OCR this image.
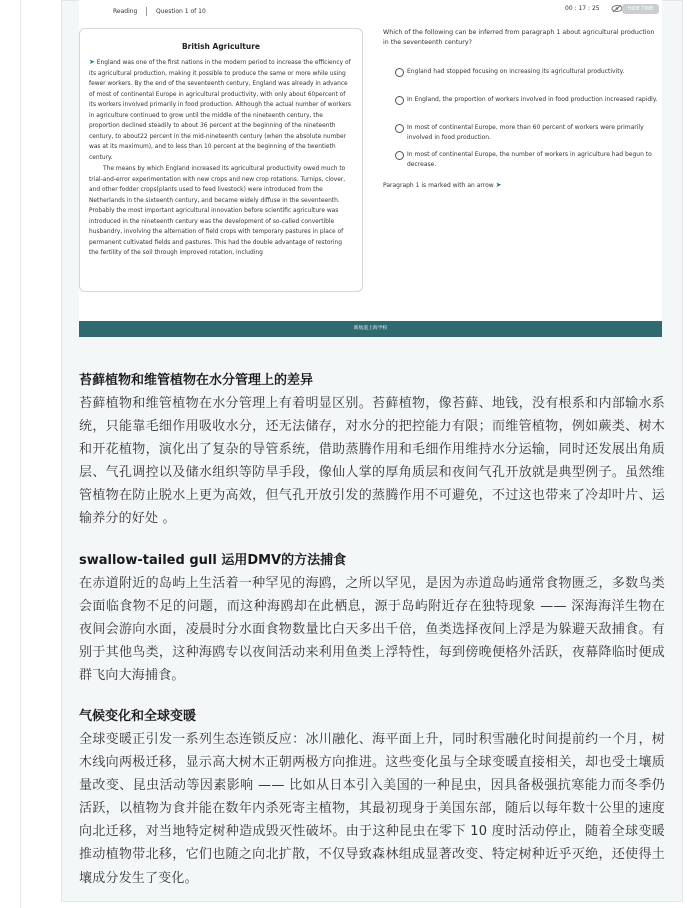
Reading	Question 1 of 10	00 : 17 : 25	HIDE TIME
British Agriculture

➤ England was one of the first nations in the modern period to increase the efficiency of its agricultural production, making it possible to produce the same or more while using fewer workers. By the end of the seventeenth century, England was already in advance of most of continental Europe in agricultural productivity, with only about 60percent of its workers involved primarily in food production. Although the actual number of workers in agriculture continued to grow until the middle of the nineteenth century, the proportion declined steadily to about 36 percent at the beginning of the nineteenth century, to about22 percent in the mid-nineteenth century (when the absolute number was at its maximum), and to less than 10 percent at the beginning of the twentieth century.

The means by which England increased its agricultural productivity owed much to trial-and-error experimentation with new crops and new crop rotations. Turnips, clover, and other fodder crops(plants used to feed livestock) were introduced from the Netherlands in the sixteenth century, and became widely diffuse in the seventeenth. Probably the most important agricultural innovation before scientific agriculture was introduced in the nineteenth century was the development of so-called convertible husbandry, involving the alternation of field crops with temporary pastures in place of permanent cultivated fields and pastures. This had the double advantage of restoring the fertility of the soil through improved rotation, including

Which of the following can be inferred from paragraph 1 about agricultural production in the seventeenth century?
England had stopped focusing on increasing its agricultural productivity.
In England, the proportion of workers involved in food production increased rapidly.
In most of continental Europe, more than 60 percent of workers were primarily involved in food production.
In most of continental Europe, the number of workers in agriculture had begun to decrease.
Paragraph 1 is marked with an arrow ➤
新航道上海学校
苔藓植物和维管植物在水分管理上的差异
苔藓植物和维管植物在水分管理上有着明显区别。苔藓植物，像苔藓、地钱，没有根系和内部输水系统，只能靠毛细作用吸收水分，还无法储存，对水分的把控能力有限；而维管植物，例如蕨类、树木和开花植物，演化出了复杂的导管系统，借助蒸腾作用和毛细作用维持水分运输，同时还发展出角质层、气孔调控以及储水组织等防旱手段，像仙人掌的厚角质层和夜间气孔开放就是典型例子。虽然维管植物在防止脱水上更为高效，但气孔开放引发的蒸腾作用不可避免，不过这也带来了冷却叶片、运输养分的好处 。
swallow-tailed gull 运用DMV的方法捕食
在赤道附近的岛屿上生活着一种罕见的海鸥，之所以罕见，是因为赤道岛屿通常食物匮乏，多数鸟类会面临食物不足的问题，而这种海鸥却在此栖息，源于岛屿附近存在独特现象 —— 深海海洋生物在夜间会游向水面，凌晨时分水面食物数量比白天多出千倍，鱼类选择夜间上浮是为躲避天敌捕食。有别于其他鸟类，这种海鸥专以夜间活动来利用鱼类上浮特性，每到傍晚便格外活跃，夜幕降临时便成群飞向大海捕食。
气候变化和全球变暖
全球变暖正引发一系列生态连锁反应：冰川融化、海平面上升，同时积雪融化时间提前约一个月，树木线向两极迁移，显示高大树木正朝两极方向推进。这些变化虽与全球变暖直接相关，却也受土壤质量改变、昆虫活动等因素影响 —— 比如从日本引入美国的一种昆虫，因具备极强抗寒能力而冬季仍活跃，以植物为食并能在数年内杀死寄主植物，其最初现身于美国东部，随后以每年数十公里的速度向北迁移，对当地特定树种造成毁灭性破坏。由于这种昆虫在零下 10 度时活动停止，随着全球变暖推动植物带北移，它们也随之向北扩散，不仅导致森林组成显著改变、特定树种近乎灭绝，还使得土壤成分发生了变化。
